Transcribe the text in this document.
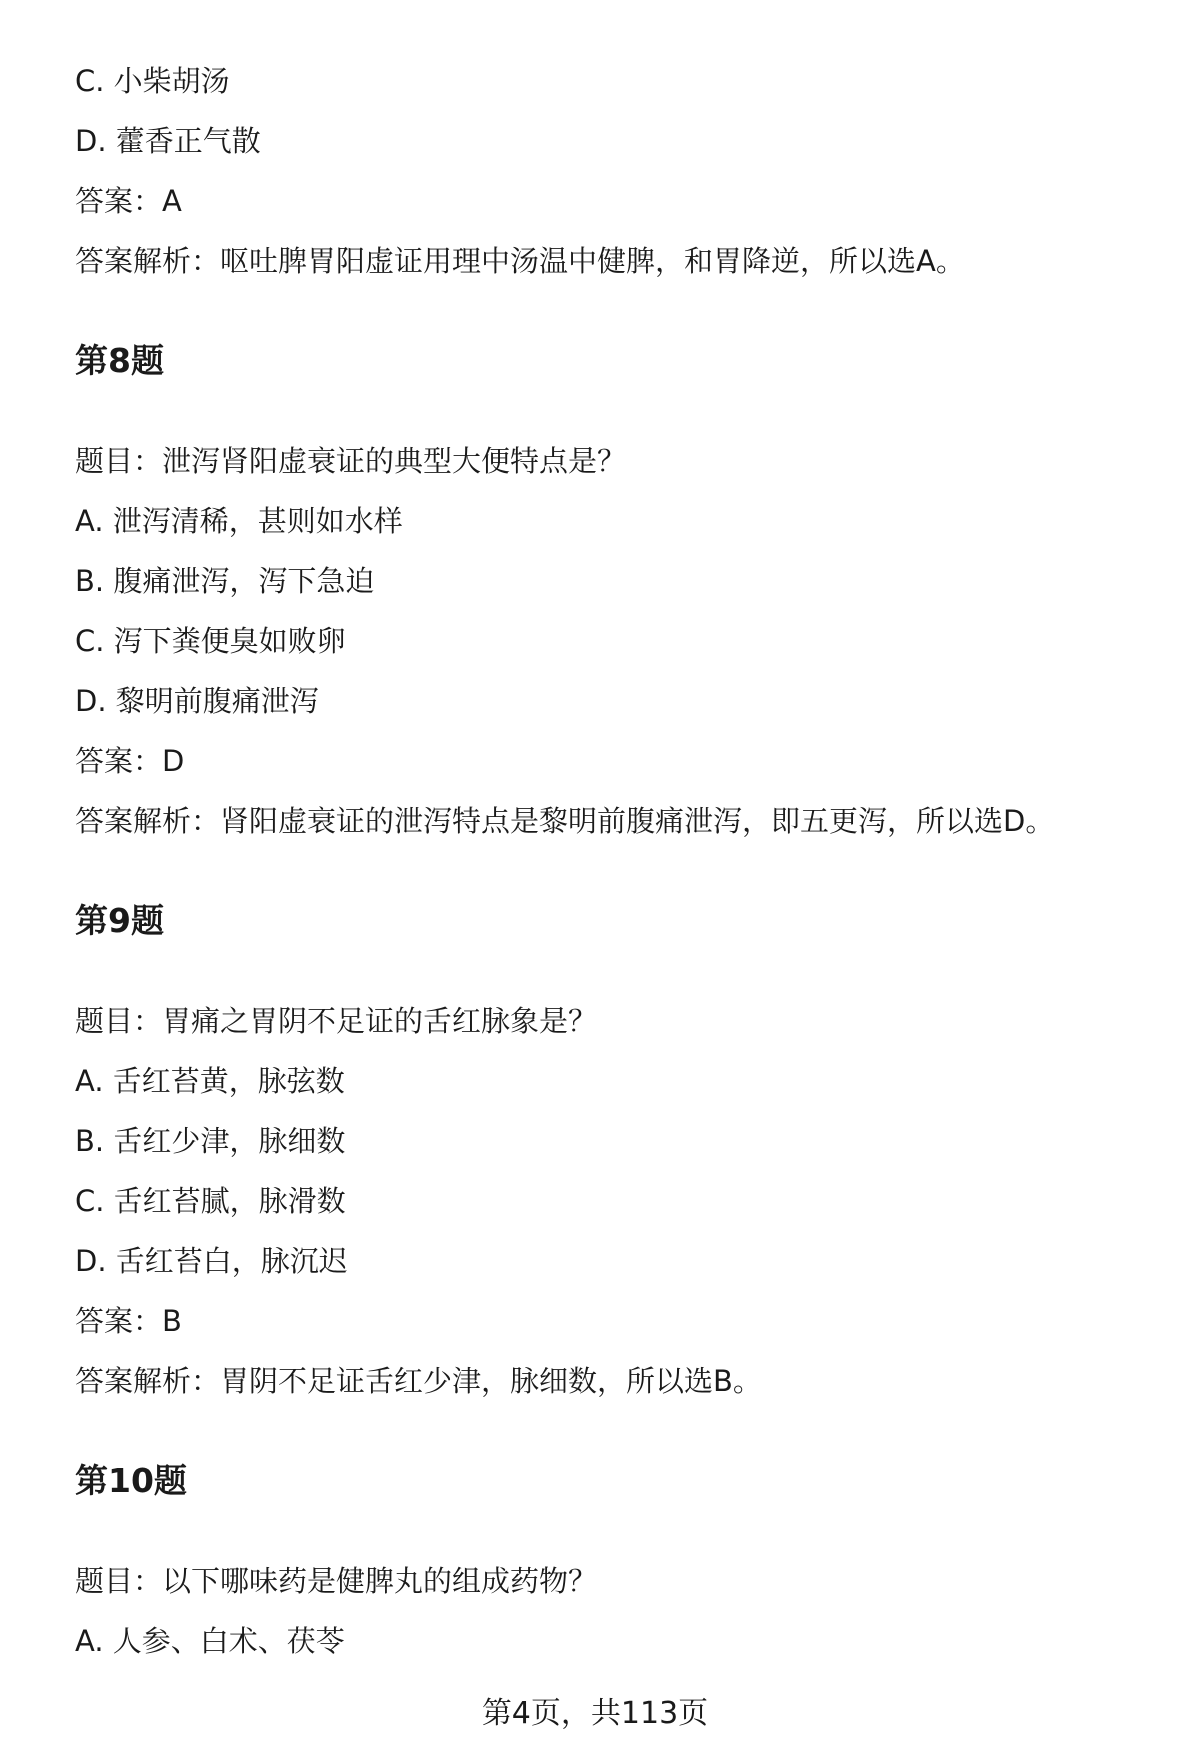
C. 小柴胡汤
D. 藿香正气散
答案：A
答案解析：呕吐脾胃阳虚证用理中汤温中健脾，和胃降逆，所以选A。
第8题
题目：泄泻肾阳虚衰证的典型大便特点是？
A. 泄泻清稀，甚则如水样
B. 腹痛泄泻，泻下急迫
C. 泻下粪便臭如败卵
D. 黎明前腹痛泄泻
答案：D
答案解析：肾阳虚衰证的泄泻特点是黎明前腹痛泄泻，即五更泻，所以选D。
第9题
题目：胃痛之胃阴不足证的舌红脉象是？
A. 舌红苔黄，脉弦数
B. 舌红少津，脉细数
C. 舌红苔腻，脉滑数
D. 舌红苔白，脉沉迟
答案：B
答案解析：胃阴不足证舌红少津，脉细数，所以选B。
第10题
题目：以下哪味药是健脾丸的组成药物？
A. 人参、白术、茯苓
第4页，共113页
